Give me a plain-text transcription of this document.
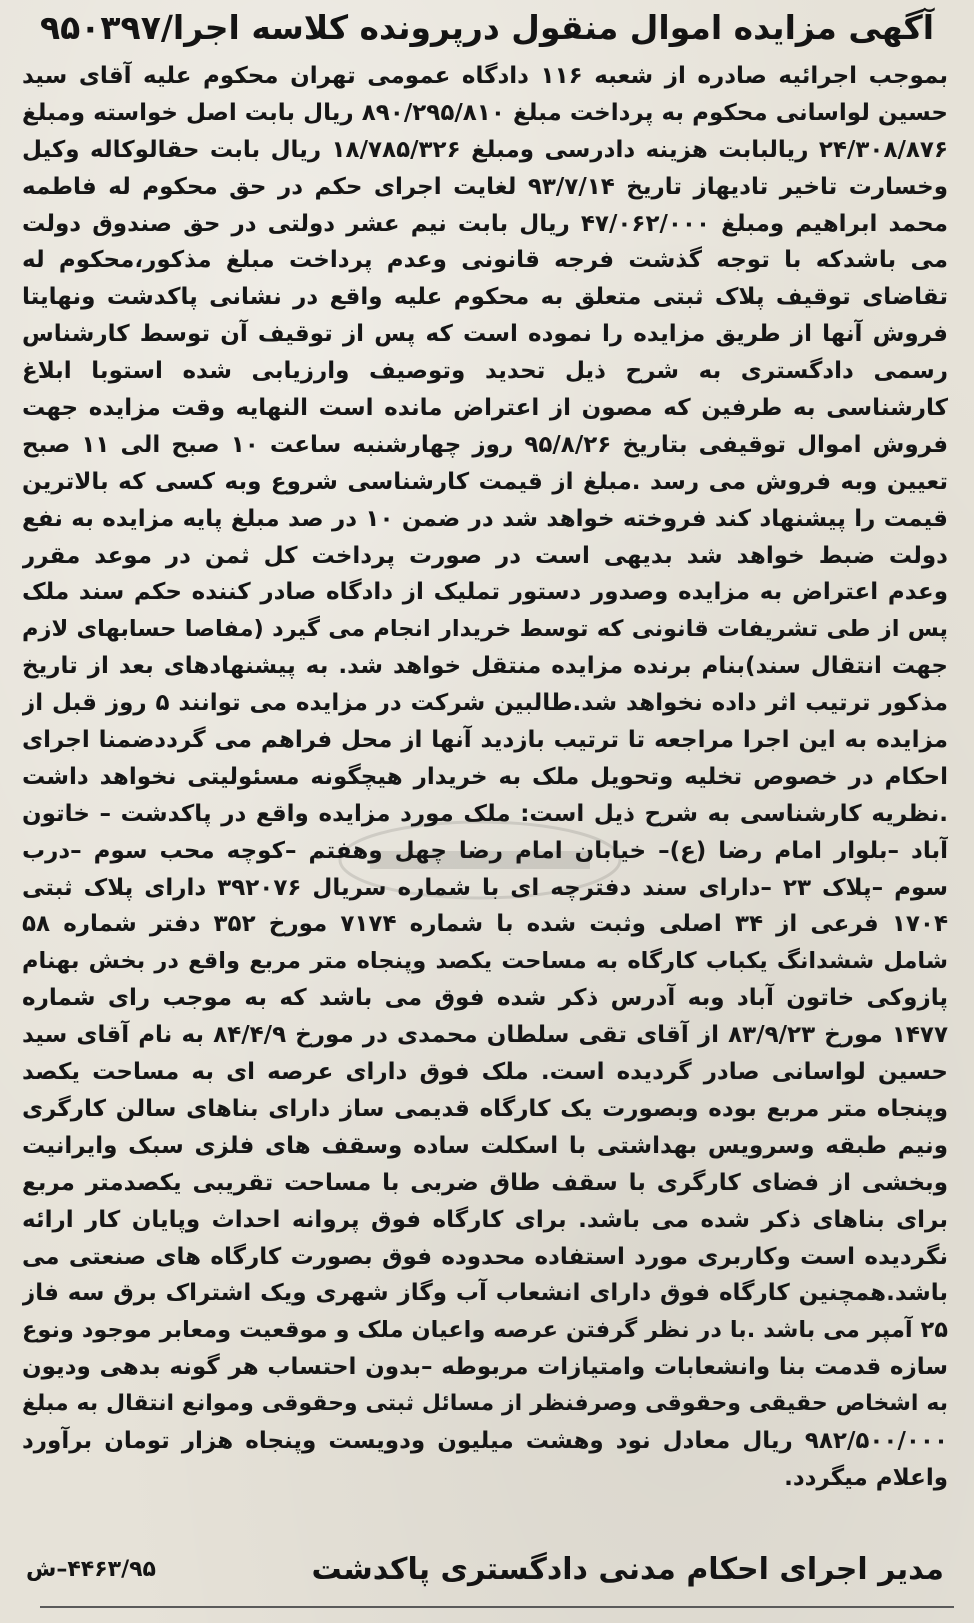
آگهی مزایده اموال منقول درپرونده کلاسه اجرا/۹۵۰۳۹۷
بموجب اجرائیه صادره از شعبه ۱۱۶ دادگاه عمومی تهران محکوم علیه آقای سید
حسین لواسانی محکوم به پرداخت مبلغ ۸۹۰/۲۹۵/۸۱۰ ریال بابت اصل خواسته ومبلغ
۲۴/۳۰۸/۸۷۶ ریالبابت هزینه دادرسی ومبلغ ۱۸/۷۸۵/۳۲۶ ریال بابت حقالوکاله وکیل
وخسارت تاخیر تادیهاز تاریخ ۹۳/۷/۱۴ لغایت اجرای حکم در حق محکوم له فاطمه
محمد ابراهیم ومبلغ ۴۷/۰۶۲/۰۰۰ ریال بابت نیم عشر دولتی در حق صندوق دولت
می باشدکه با توجه گذشت فرجه قانونی وعدم پرداخت مبلغ مذکور،محکوم له
تقاضای توقیف پلاک ثبتی متعلق به محکوم علیه واقع در نشانی پاکدشت ونهایتا
فروش آنها از طریق مزایده را نموده است که پس از توقیف آن توسط کارشناس
رسمی دادگستری به شرح ذیل تحدید وتوصیف وارزیابی شده استوبا ابلاغ
کارشناسی به طرفین که مصون از اعتراض مانده است النهایه وقت مزایده جهت
فروش اموال توقیفی بتاریخ ۹۵/۸/۲۶ روز چهارشنبه ساعت ۱۰ صبح الی ۱۱ صبح
تعیین وبه فروش می رسد .مبلغ از قیمت کارشناسی شروع وبه کسی که بالاترین
قیمت را پیشنهاد کند فروخته خواهد شد در ضمن ۱۰ در صد مبلغ پایه مزایده به نفع
دولت ضبط خواهد شد بدیهی است در صورت پرداخت کل ثمن در موعد مقرر
وعدم اعتراض به مزایده وصدور دستور تملیک از دادگاه صادر کننده حکم سند ملک
پس از طی تشریفات قانونی که توسط خریدار انجام می گیرد (مفاصا حسابهای لازم
جهت انتقال سند)بنام برنده مزایده منتقل خواهد شد. به پیشنهادهای بعد از تاریخ
مذکور ترتیب اثر داده نخواهد شد.طالبین شرکت در مزایده می توانند ۵ روز قبل از
مزایده به این اجرا مراجعه تا ترتیب بازدید آنها از محل فراهم می گرددضمنا اجرای
احکام در خصوص تخلیه وتحویل ملک به خریدار هیچگونه مسئولیتی نخواهد داشت
.نظریه کارشناسی به شرح ذیل است: ملک مورد مزایده واقع در پاکدشت – خاتون
آباد –بلوار امام رضا (ع)– خیابان امام رضا چهل وهفتم –کوچه محب سوم –درب
سوم –پلاک ۲۳ –دارای سند دفترچه ای با شماره سریال ۳۹۲۰۷۶ دارای پلاک ثبتی
۱۷۰۴ فرعی از ۳۴ اصلی وثبت شده با شماره ۷۱۷۴ مورخ ۳۵۲ دفتر شماره ۵۸
شامل ششدانگ یکباب کارگاه به مساحت یکصد وپنجاه متر مربع واقع در بخش بهنام
پازوکی خاتون آباد وبه آدرس ذکر شده فوق می باشد که به موجب رای شماره
۱۴۷۷ مورخ ۸۳/۹/۲۳ از آقای تقی سلطان محمدی در مورخ ۸۴/۴/۹ به نام آقای سید
حسین لواسانی صادر گردیده است. ملک فوق دارای عرصه ای به مساحت یکصد
وپنجاه متر مربع بوده وبصورت یک کارگاه قدیمی ساز دارای بناهای سالن کارگری
ونیم طبقه وسرویس بهداشتی با اسکلت ساده وسقف های فلزی سبک وایرانیت
وبخشی از فضای کارگری با سقف طاق ضربی با مساحت تقریبی یکصدمتر مربع
برای بناهای ذکر شده می باشد. برای کارگاه فوق پروانه احداث وپایان کار ارائه
نگردیده است وکاربری مورد استفاده محدوده فوق بصورت کارگاه های صنعتی می
باشد.همچنین کارگاه فوق دارای انشعاب آب وگاز شهری ویک اشتراک برق سه فاز
۲۵ آمپر می باشد .با در نظر گرفتن عرصه واعیان ملک و موقعیت ومعابر موجود ونوع
سازه قدمت بنا وانشعابات وامتیازات مربوطه –بدون احتساب هر گونه بدهی ودیون
به اشخاص حقیقی وحقوقی وصرفنظر از مسائل ثبتی وحقوقی وموانع انتقال به مبلغ
۹۸۲/۵۰۰/۰۰۰ ریال معادل نود وهشت میلیون ودویست وپنجاه هزار تومان برآورد
واعلام میگردد.
مدیر اجرای احکام مدنی دادگستری پاکدشت
۴۴۶۳/۹۵–ش
